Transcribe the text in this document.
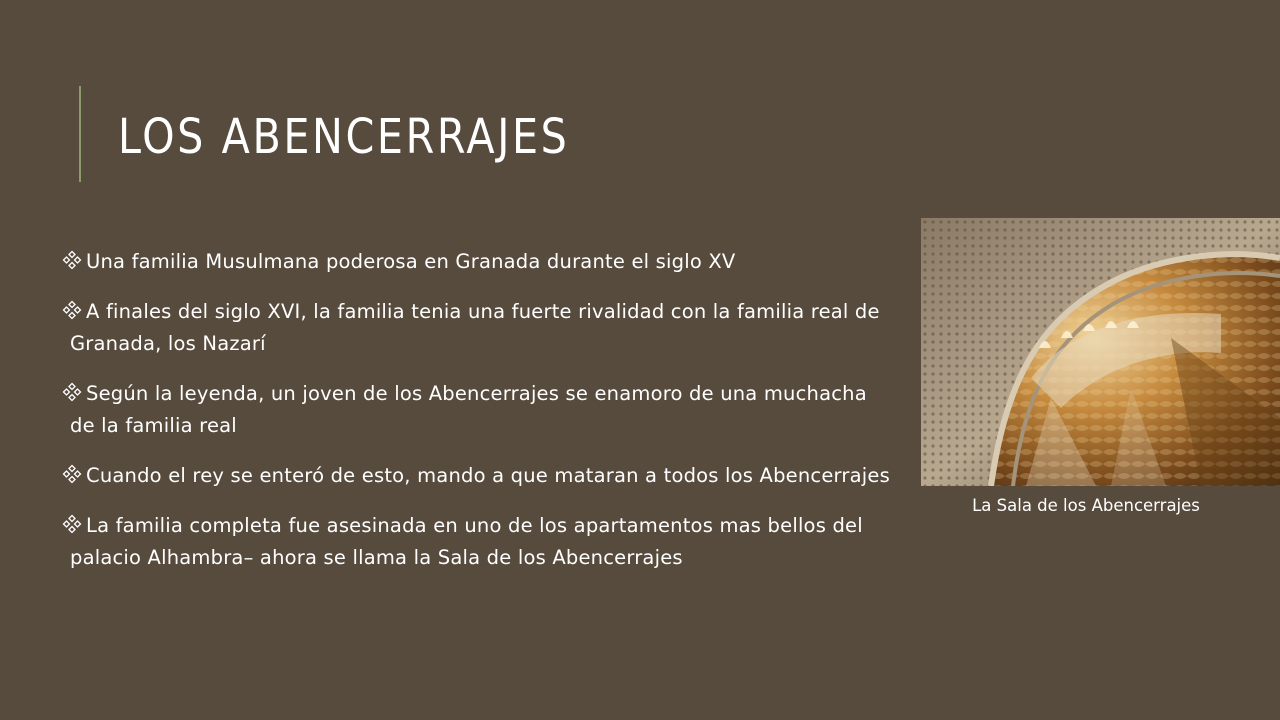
LOS ABENCERRAJES
Una familia Musulmana poderosa en Granada durante el siglo XV
A finales del siglo XVI, la familia tenia una fuerte rivalidad con la familia real de Granada, los Nazarí
Según la leyenda, un joven de los Abencerrajes se enamoro de una muchacha de la familia real
Cuando el rey se enteró de esto, mando a que mataran a todos los Abencerrajes
La familia completa fue asesinada en uno de los apartamentos mas bellos del palacio Alhambra– ahora se llama la Sala de los Abencerrajes
La Sala de los Abencerrajes
